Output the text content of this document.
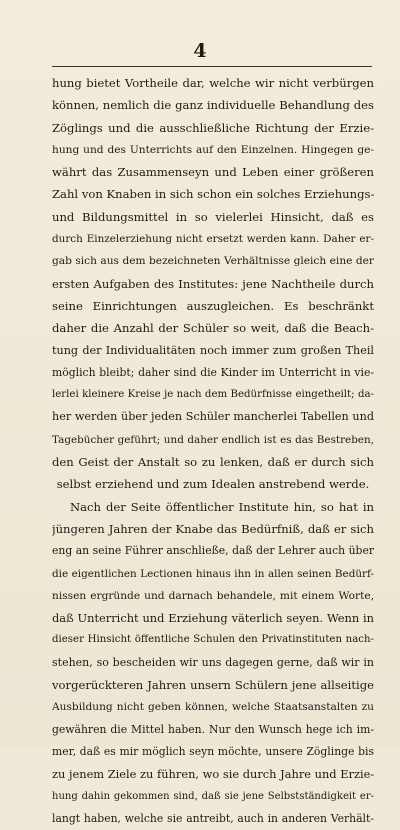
4
hung bietet Vortheile dar, welche wir nicht verbürgen
können, nemlich die ganz individuelle Behandlung des
Zöglings und die ausschließliche Richtung der Erzie-
hung und des Unterrichts auf den Einzelnen. Hingegen ge-
währt das Zusammenseyn und Leben einer größeren
Zahl von Knaben in sich schon ein solches Erziehungs-
und Bildungsmittel in so vielerlei Hinsicht, daß es
durch Einzelerziehung nicht ersetzt werden kann. Daher er-
gab sich aus dem bezeichneten Verhältnisse gleich eine der
ersten Aufgaben des Institutes: jene Nachtheile durch
seine Einrichtungen auszugleichen. Es beschränkt
daher die Anzahl der Schüler so weit, daß die Beach-
tung der Individualitäten noch immer zum großen Theil
möglich bleibt; daher sind die Kinder im Unterricht in vie-
lerlei kleinere Kreise je nach dem Bedürfnisse eingetheilt; da-
her werden über jeden Schüler mancherlei Tabellen und
Tagebücher geführt; und daher endlich ist es das Bestreben,
den Geist der Anstalt so zu lenken, daß er durch sich
selbst erziehend und zum Idealen anstrebend werde.
Nach der Seite öffentlicher Institute hin, so hat in
jüngeren Jahren der Knabe das Bedürfniß, daß er sich
eng an seine Führer anschließe, daß der Lehrer auch über
die eigentlichen Lectionen hinaus ihn in allen seinen Bedürf-
nissen ergründe und darnach behandele, mit einem Worte,
daß Unterricht und Erziehung väterlich seyen. Wenn in
dieser Hinsicht öffentliche Schulen den Privatinstituten nach-
stehen, so bescheiden wir uns dagegen gerne, daß wir in
vorgerückteren Jahren unsern Schülern jene allseitige
Ausbildung nicht geben können, welche Staatsanstalten zu
gewähren die Mittel haben. Nur den Wunsch hege ich im-
mer, daß es mir möglich seyn möchte, unsere Zöglinge bis
zu jenem Ziele zu führen, wo sie durch Jahre und Erzie-
hung dahin gekommen sind, daß sie jene Selbstständigkeit er-
langt haben, welche sie antreibt, auch in anderen Verhält-
